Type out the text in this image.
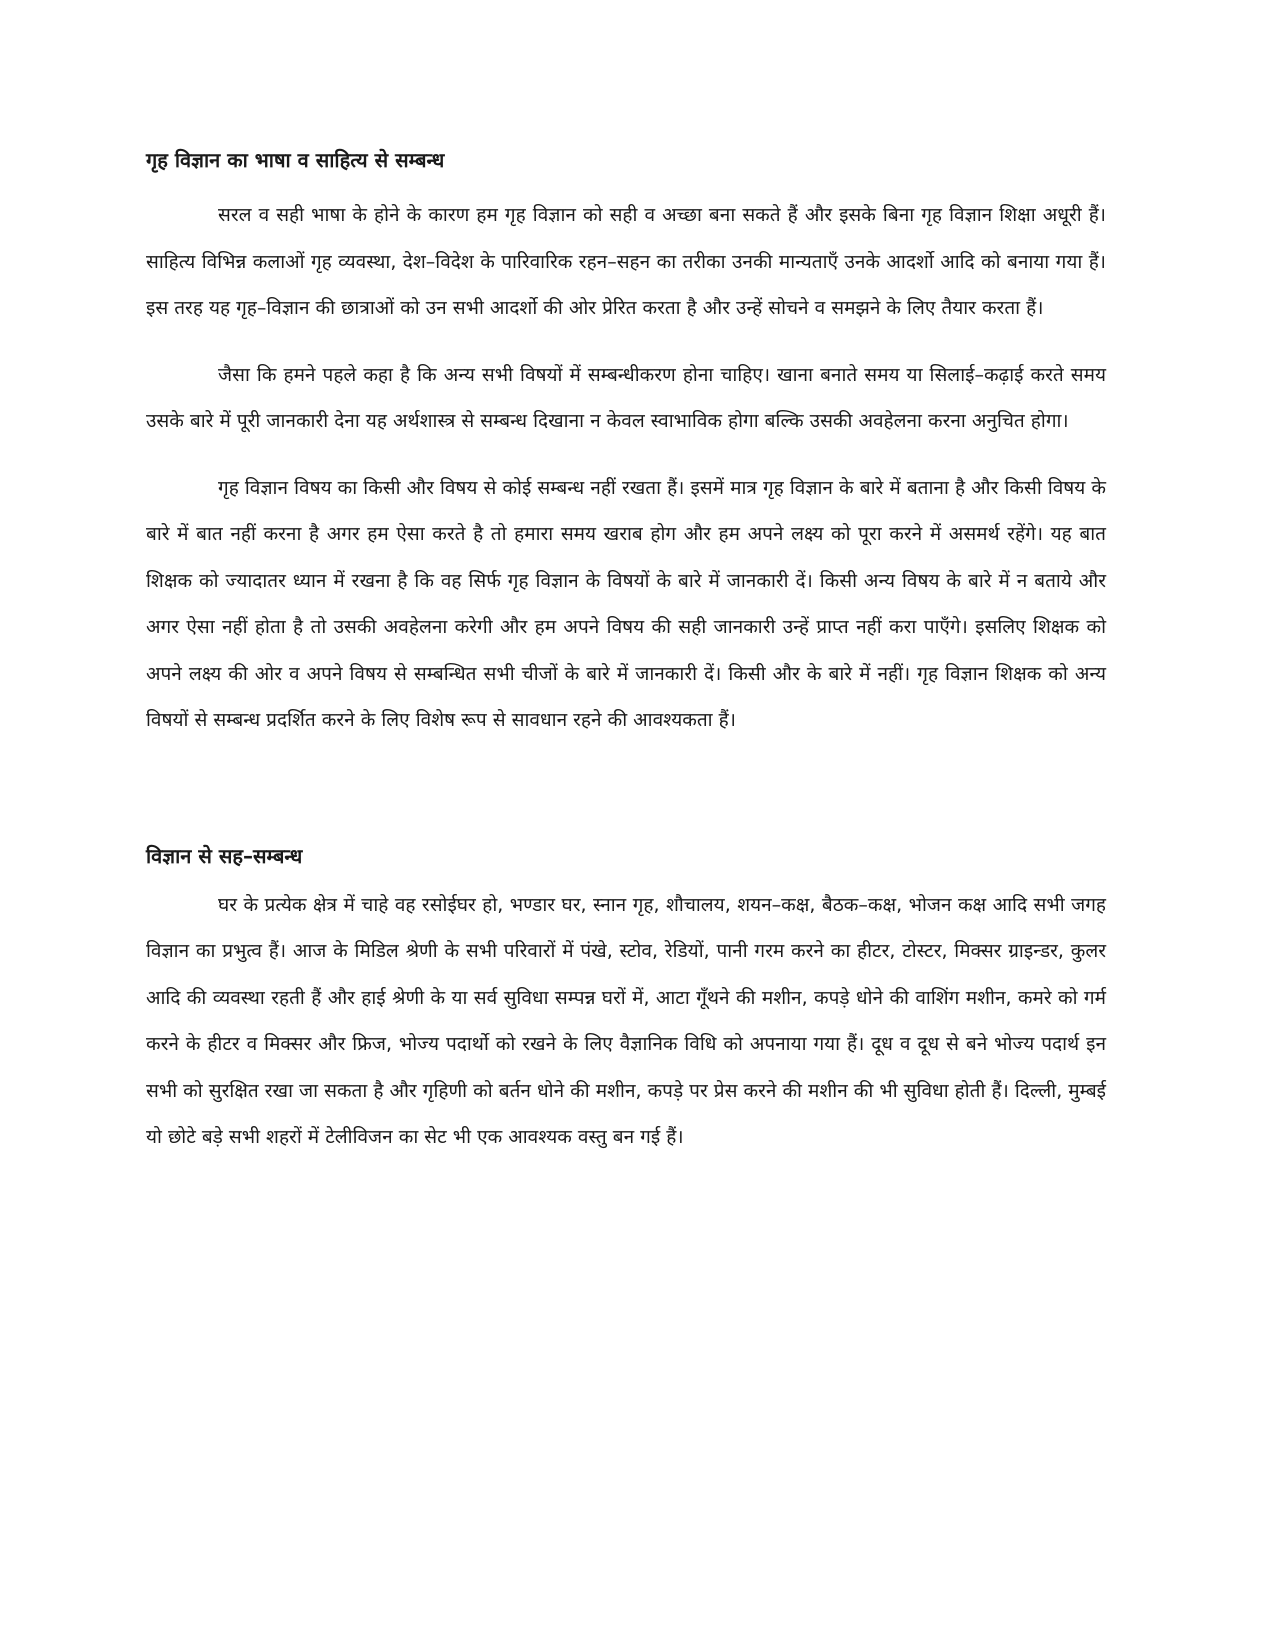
गृह विज्ञान का भाषा व साहित्य से सम्बन्ध

सरल व सही भाषा के होने के कारण हम गृह विज्ञान को सही व अच्छा बना सकते हैं और इसके बिना गृह विज्ञान शिक्षा अधूरी हैं। साहित्य विभिन्न कलाओं गृह व्यवस्था, देश–विदेश के पारिवारिक रहन–सहन का तरीका उनकी मान्यताएँ उनके आदर्शो आदि को बनाया गया हैं। इस तरह यह गृह–विज्ञान की छात्राओं को उन सभी आदर्शो की ओर प्रेरित करता है और उन्हें सोचने व समझने के लिए तैयार करता हैं।

जैसा कि हमने पहले कहा है कि अन्य सभी विषयों में सम्बन्धीकरण होना चाहिए। खाना बनाते समय या सिलाई–कढ़ाई करते समय उसके बारे में पूरी जानकारी देना यह अर्थशास्त्र से सम्बन्ध दिखाना न केवल स्वाभाविक होगा बल्कि उसकी अवहेलना करना अनुचित होगा।

गृह विज्ञान विषय का किसी और विषय से कोई सम्बन्ध नहीं रखता हैं। इसमें मात्र गृह विज्ञान के बारे में बताना है और किसी विषय के बारे में बात नहीं करना है अगर हम ऐसा करते है तो हमारा समय खराब होग और हम अपने लक्ष्य को पूरा करने में असमर्थ रहेंगे। यह बात शिक्षक को ज्यादातर ध्यान में रखना है कि वह सिर्फ गृह विज्ञान के विषयों के बारे में जानकारी दें। किसी अन्य विषय के बारे में न बताये और अगर ऐसा नहीं होता है तो उसकी अवहेलना करेगी और हम अपने विषय की सही जानकारी उन्हें प्राप्त नहीं करा पाएँगे। इसलिए शिक्षक को अपने लक्ष्य की ओर व अपने विषय से सम्बन्धित सभी चीजों के बारे में जानकारी दें। किसी और के बारे में नहीं। गृह विज्ञान शिक्षक को अन्य विषयों से सम्बन्ध प्रदर्शित करने के लिए विशेष रूप से सावधान रहने की आवश्यकता हैं।

विज्ञान से सह–सम्बन्ध

घर के प्रत्येक क्षेत्र में चाहे वह रसोईघर हो, भण्डार घर, स्नान गृह, शौचालय, शयन–कक्ष, बैठक–कक्ष, भोजन कक्ष आदि सभी जगह विज्ञान का प्रभुत्व हैं। आज के मिडिल श्रेणी के सभी परिवारों में पंखे, स्टोव, रेडियों, पानी गरम करने का हीटर, टोस्टर, मिक्सर ग्राइन्डर, कुलर आदि की व्यवस्था रहती हैं और हाई श्रेणी के या सर्व सुविधा सम्पन्न घरों में, आटा गूँथने की मशीन, कपड़े धोने की वाशिंग मशीन, कमरे को गर्म करने के हीटर व मिक्सर और फ्रिज, भोज्य पदार्थो को रखने के लिए वैज्ञानिक विधि को अपनाया गया हैं। दूध व दूध से बने भोज्य पदार्थ इन सभी को सुरक्षित रखा जा सकता है और गृहिणी को बर्तन धोने की मशीन, कपड़े पर प्रेस करने की मशीन की भी सुविधा होती हैं। दिल्ली, मुम्बई यो छोटे बड़े सभी शहरों में टेलीविजन का सेट भी एक आवश्यक वस्तु बन गई हैं।
